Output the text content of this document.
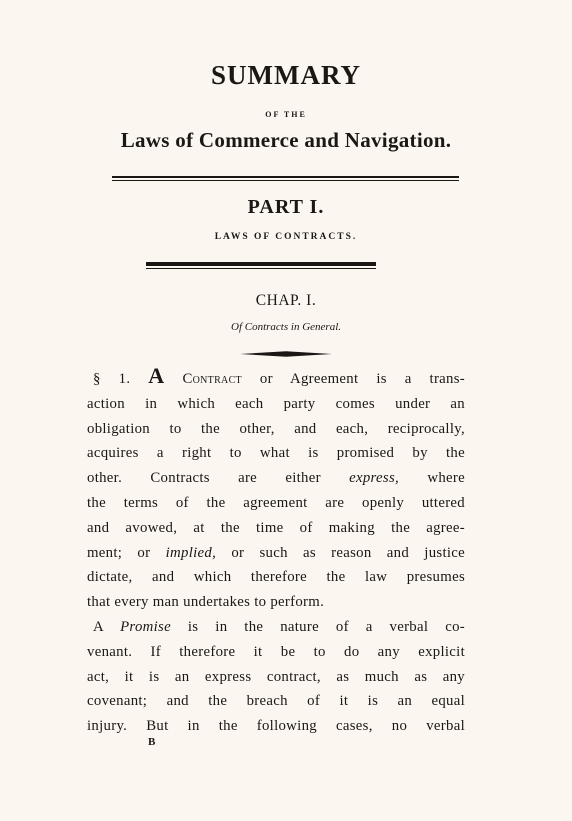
SUMMARY
OF THE
Laws of Commerce and Navigation.
PART I.
LAWS OF CONTRACTS.
CHAP. I.
Of Contracts in General.

§ 1. A Contract or Agreement is a trans-
action in which each party comes under an
obligation to the other, and each, reciprocally,
acquires a right to what is promised by the
other. Contracts are either express, where
the terms of the agreement are openly uttered
and avowed, at the time of making the agree-
ment; or implied, or such as reason and justice
dictate, and which therefore the law presumes
that every man undertakes to perform.

A Promise is in the nature of a verbal co-
venant. If therefore it be to do any explicit
act, it is an express contract, as much as any
covenant; and the breach of it is an equal
injury. But in the following cases, no verbal

B
